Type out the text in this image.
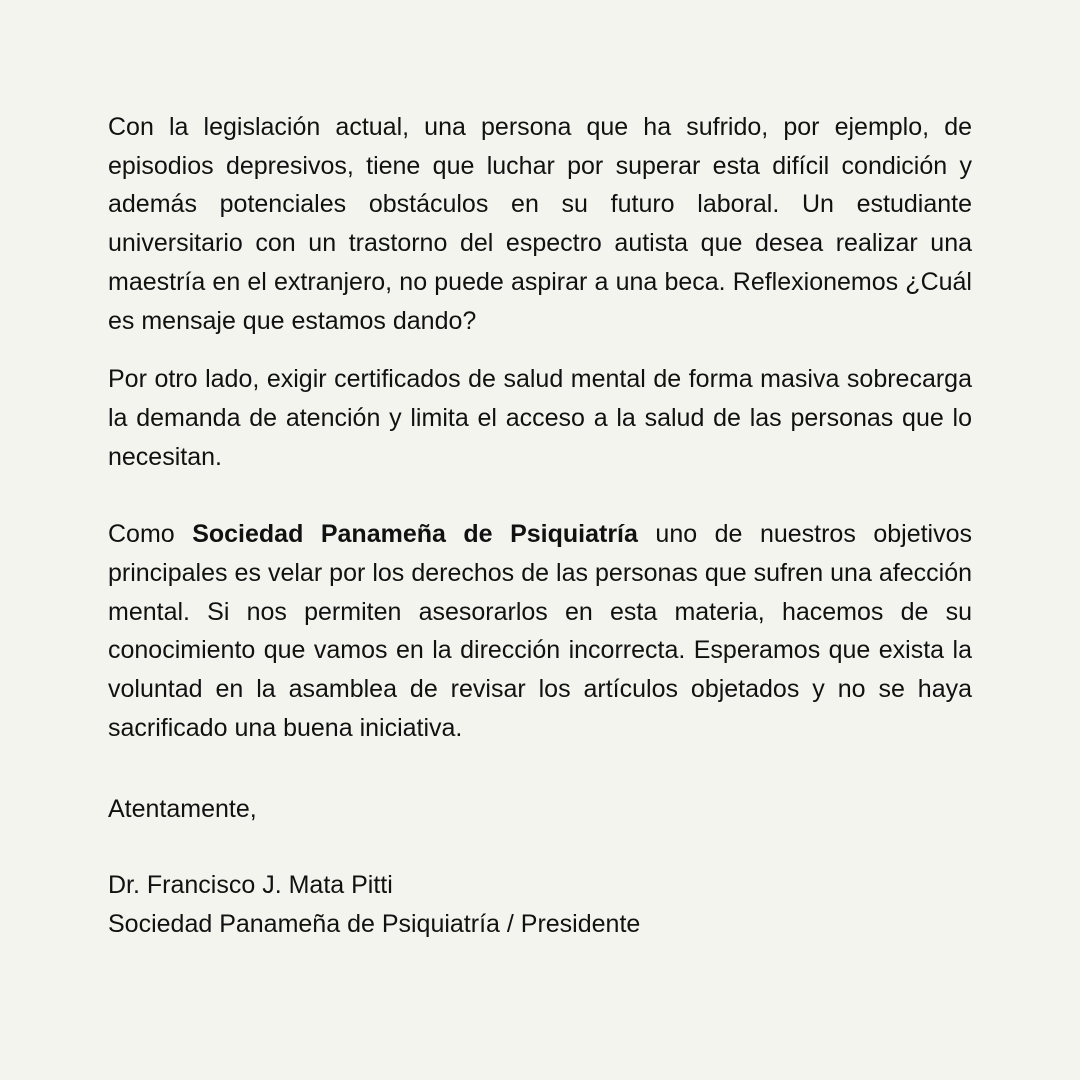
Con la legislación actual, una persona que ha sufrido, por ejemplo, de episodios depresivos, tiene que luchar por superar esta difícil condición y además potenciales obstáculos en su futuro laboral. Un estudiante universitario con un trastorno del espectro autista que desea realizar una maestría en el extranjero, no puede aspirar a una beca. Reflexionemos ¿Cuál es mensaje que estamos dando?

Por otro lado, exigir certificados de salud mental de forma masiva sobrecarga la demanda de atención y limita el acceso a la salud de las personas que lo necesitan.

Como Sociedad Panameña de Psiquiatría uno de nuestros objetivos principales es velar por los derechos de las personas que sufren una afección mental. Si nos permiten asesorarlos en esta materia, hacemos de su conocimiento que vamos en la dirección incorrecta. Esperamos que exista la voluntad en la asamblea de revisar los artículos objetados y no se haya sacrificado una buena iniciativa.

Atentamente,

Dr. Francisco J. Mata Pitti
Sociedad Panameña de Psiquiatría / Presidente
